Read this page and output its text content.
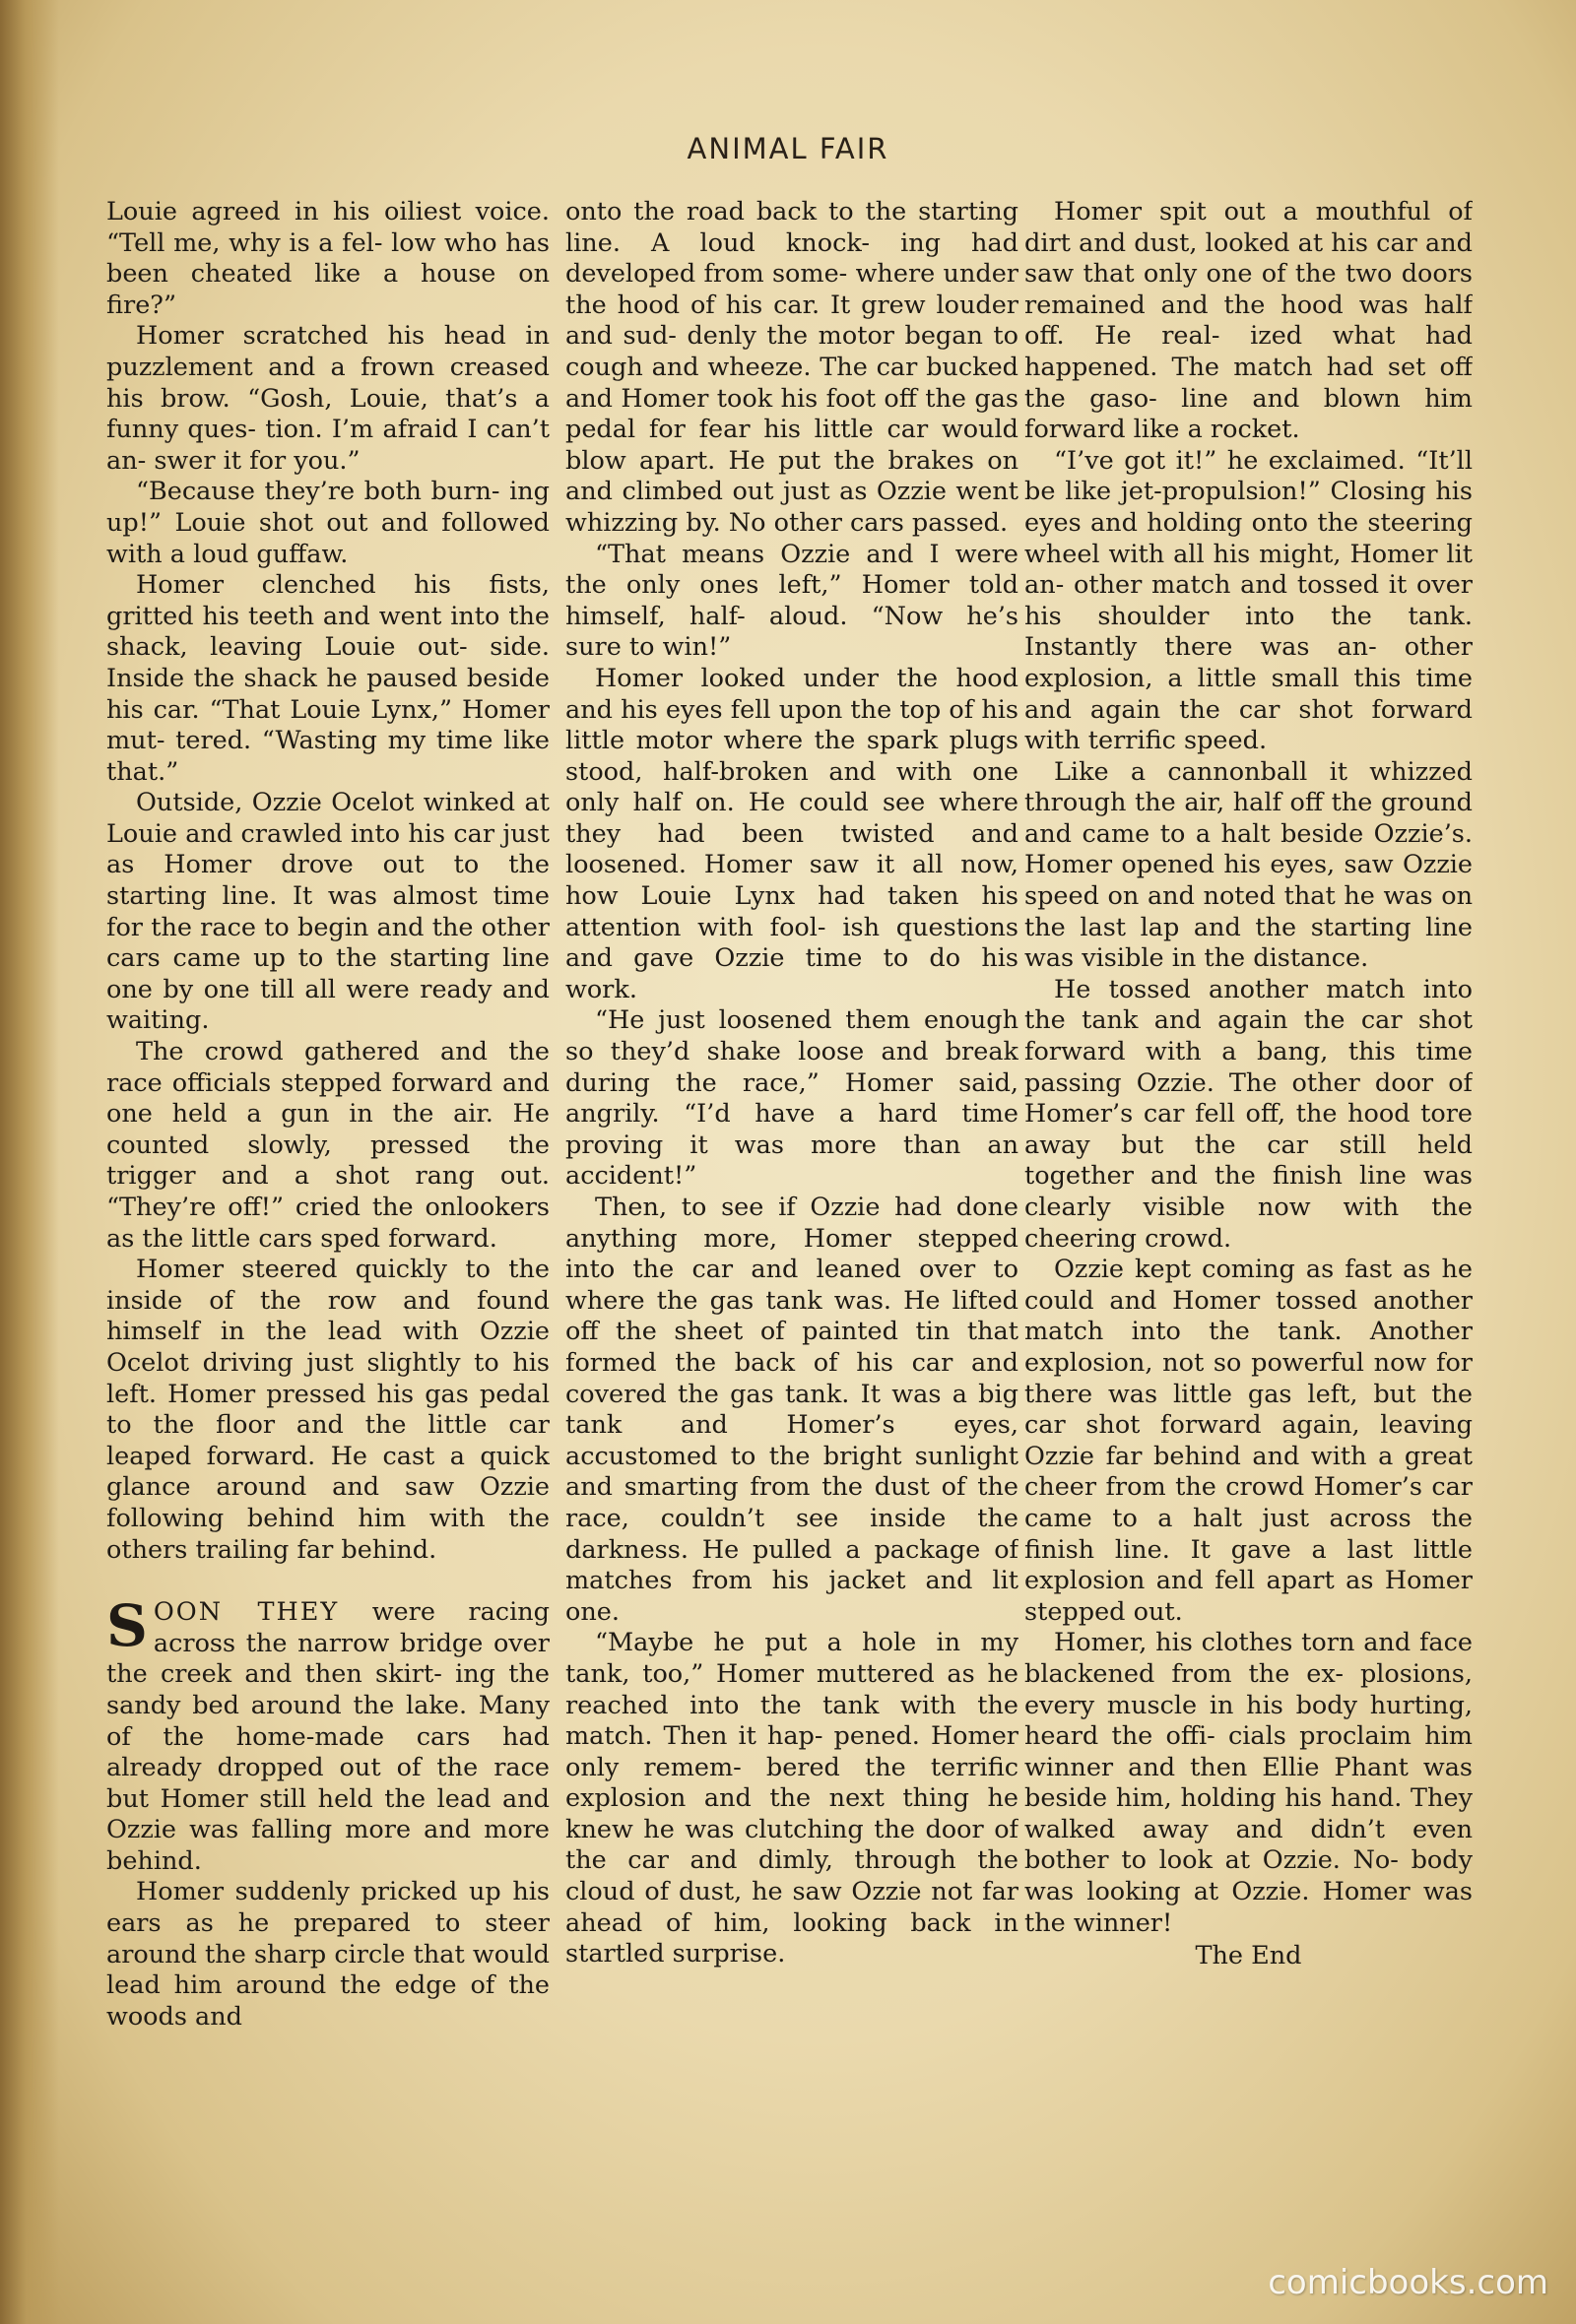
ANIMAL FAIR

Louie agreed in his oiliest voice. “Tell me, why is a fel- low who has been cheated like a house on fire?”

Homer scratched his head in puzzlement and a frown creased his brow. “Gosh, Louie, that’s a funny ques- tion. I’m afraid I can’t an- swer it for you.”

“Because they’re both burn- ing up!” Louie shot out and followed with a loud guffaw.

Homer clenched his fists, gritted his teeth and went into the shack, leaving Louie out- side. Inside the shack he paused beside his car. “That Louie Lynx,” Homer mut- tered. “Wasting my time like that.”

Outside, Ozzie Ocelot winked at Louie and crawled into his car just as Homer drove out to the starting line. It was almost time for the race to begin and the other cars came up to the starting line one by one till all were ready and waiting.

The crowd gathered and the race officials stepped forward and one held a gun in the air. He counted slowly, pressed the trigger and a shot rang out. “They’re off!” cried the onlookers as the little cars sped forward.

Homer steered quickly to the inside of the row and found himself in the lead with Ozzie Ocelot driving just slightly to his left. Homer pressed his gas pedal to the floor and the little car leaped forward. He cast a quick glance around and saw Ozzie following behind him with the others trailing far behind.

SOON THEY were racing across the narrow bridge over the creek and then skirt- ing the sandy bed around the lake. Many of the home-made cars had already dropped out of the race but Homer still held the lead and Ozzie was falling more and more behind.

Homer suddenly pricked up his ears as he prepared to steer around the sharp circle that would lead him around the edge of the woods and

onto the road back to the starting line. A loud knock- ing had developed from some- where under the hood of his car. It grew louder and sud- denly the motor began to cough and wheeze. The car bucked and Homer took his foot off the gas pedal for fear his little car would blow apart. He put the brakes on and climbed out just as Ozzie went whizzing by. No other cars passed.

“That means Ozzie and I were the only ones left,” Homer told himself, half- aloud. “Now he’s sure to win!”

Homer looked under the hood and his eyes fell upon the top of his little motor where the spark plugs stood, half-broken and with one only half on. He could see where they had been twisted and loosened. Homer saw it all now, how Louie Lynx had taken his attention with fool- ish questions and gave Ozzie time to do his work.

“He just loosened them enough so they’d shake loose and break during the race,” Homer said, angrily. “I’d have a hard time proving it was more than an accident!”

Then, to see if Ozzie had done anything more, Homer stepped into the car and leaned over to where the gas tank was. He lifted off the sheet of painted tin that formed the back of his car and covered the gas tank. It was a big tank and Homer’s eyes, accustomed to the bright sunlight and smarting from the dust of the race, couldn’t see inside the darkness. He pulled a package of matches from his jacket and lit one.

“Maybe he put a hole in my tank, too,” Homer muttered as he reached into the tank with the match. Then it hap- pened. Homer only remem- bered the terrific explosion and the next thing he knew he was clutching the door of the car and dimly, through the cloud of dust, he saw Ozzie not far ahead of him, looking back in startled surprise.

Homer spit out a mouthful of dirt and dust, looked at his car and saw that only one of the two doors remained and the hood was half off. He real- ized what had happened. The match had set off the gaso- line and blown him forward like a rocket.

“I’ve got it!” he exclaimed. “It’ll be like jet-propulsion!” Closing his eyes and holding onto the steering wheel with all his might, Homer lit an- other match and tossed it over his shoulder into the tank. Instantly there was an- other explosion, a little small this time and again the car shot forward with terrific speed.

Like a cannonball it whizzed through the air, half off the ground and came to a halt beside Ozzie’s. Homer opened his eyes, saw Ozzie speed on and noted that he was on the last lap and the starting line was visible in the distance.

He tossed another match into the tank and again the car shot forward with a bang, this time passing Ozzie. The other door of Homer’s car fell off, the hood tore away but the car still held together and the finish line was clearly visible now with the cheering crowd.

Ozzie kept coming as fast as he could and Homer tossed another match into the tank. Another explosion, not so powerful now for there was little gas left, but the car shot forward again, leaving Ozzie far behind and with a great cheer from the crowd Homer’s car came to a halt just across the finish line. It gave a last little explosion and fell apart as Homer stepped out.

Homer, his clothes torn and face blackened from the ex- plosions, every muscle in his body hurting, heard the offi- cials proclaim him winner and then Ellie Phant was beside him, holding his hand. They walked away and didn’t even bother to look at Ozzie. No- body was looking at Ozzie. Homer was the winner!

The End

comicbooks.com
